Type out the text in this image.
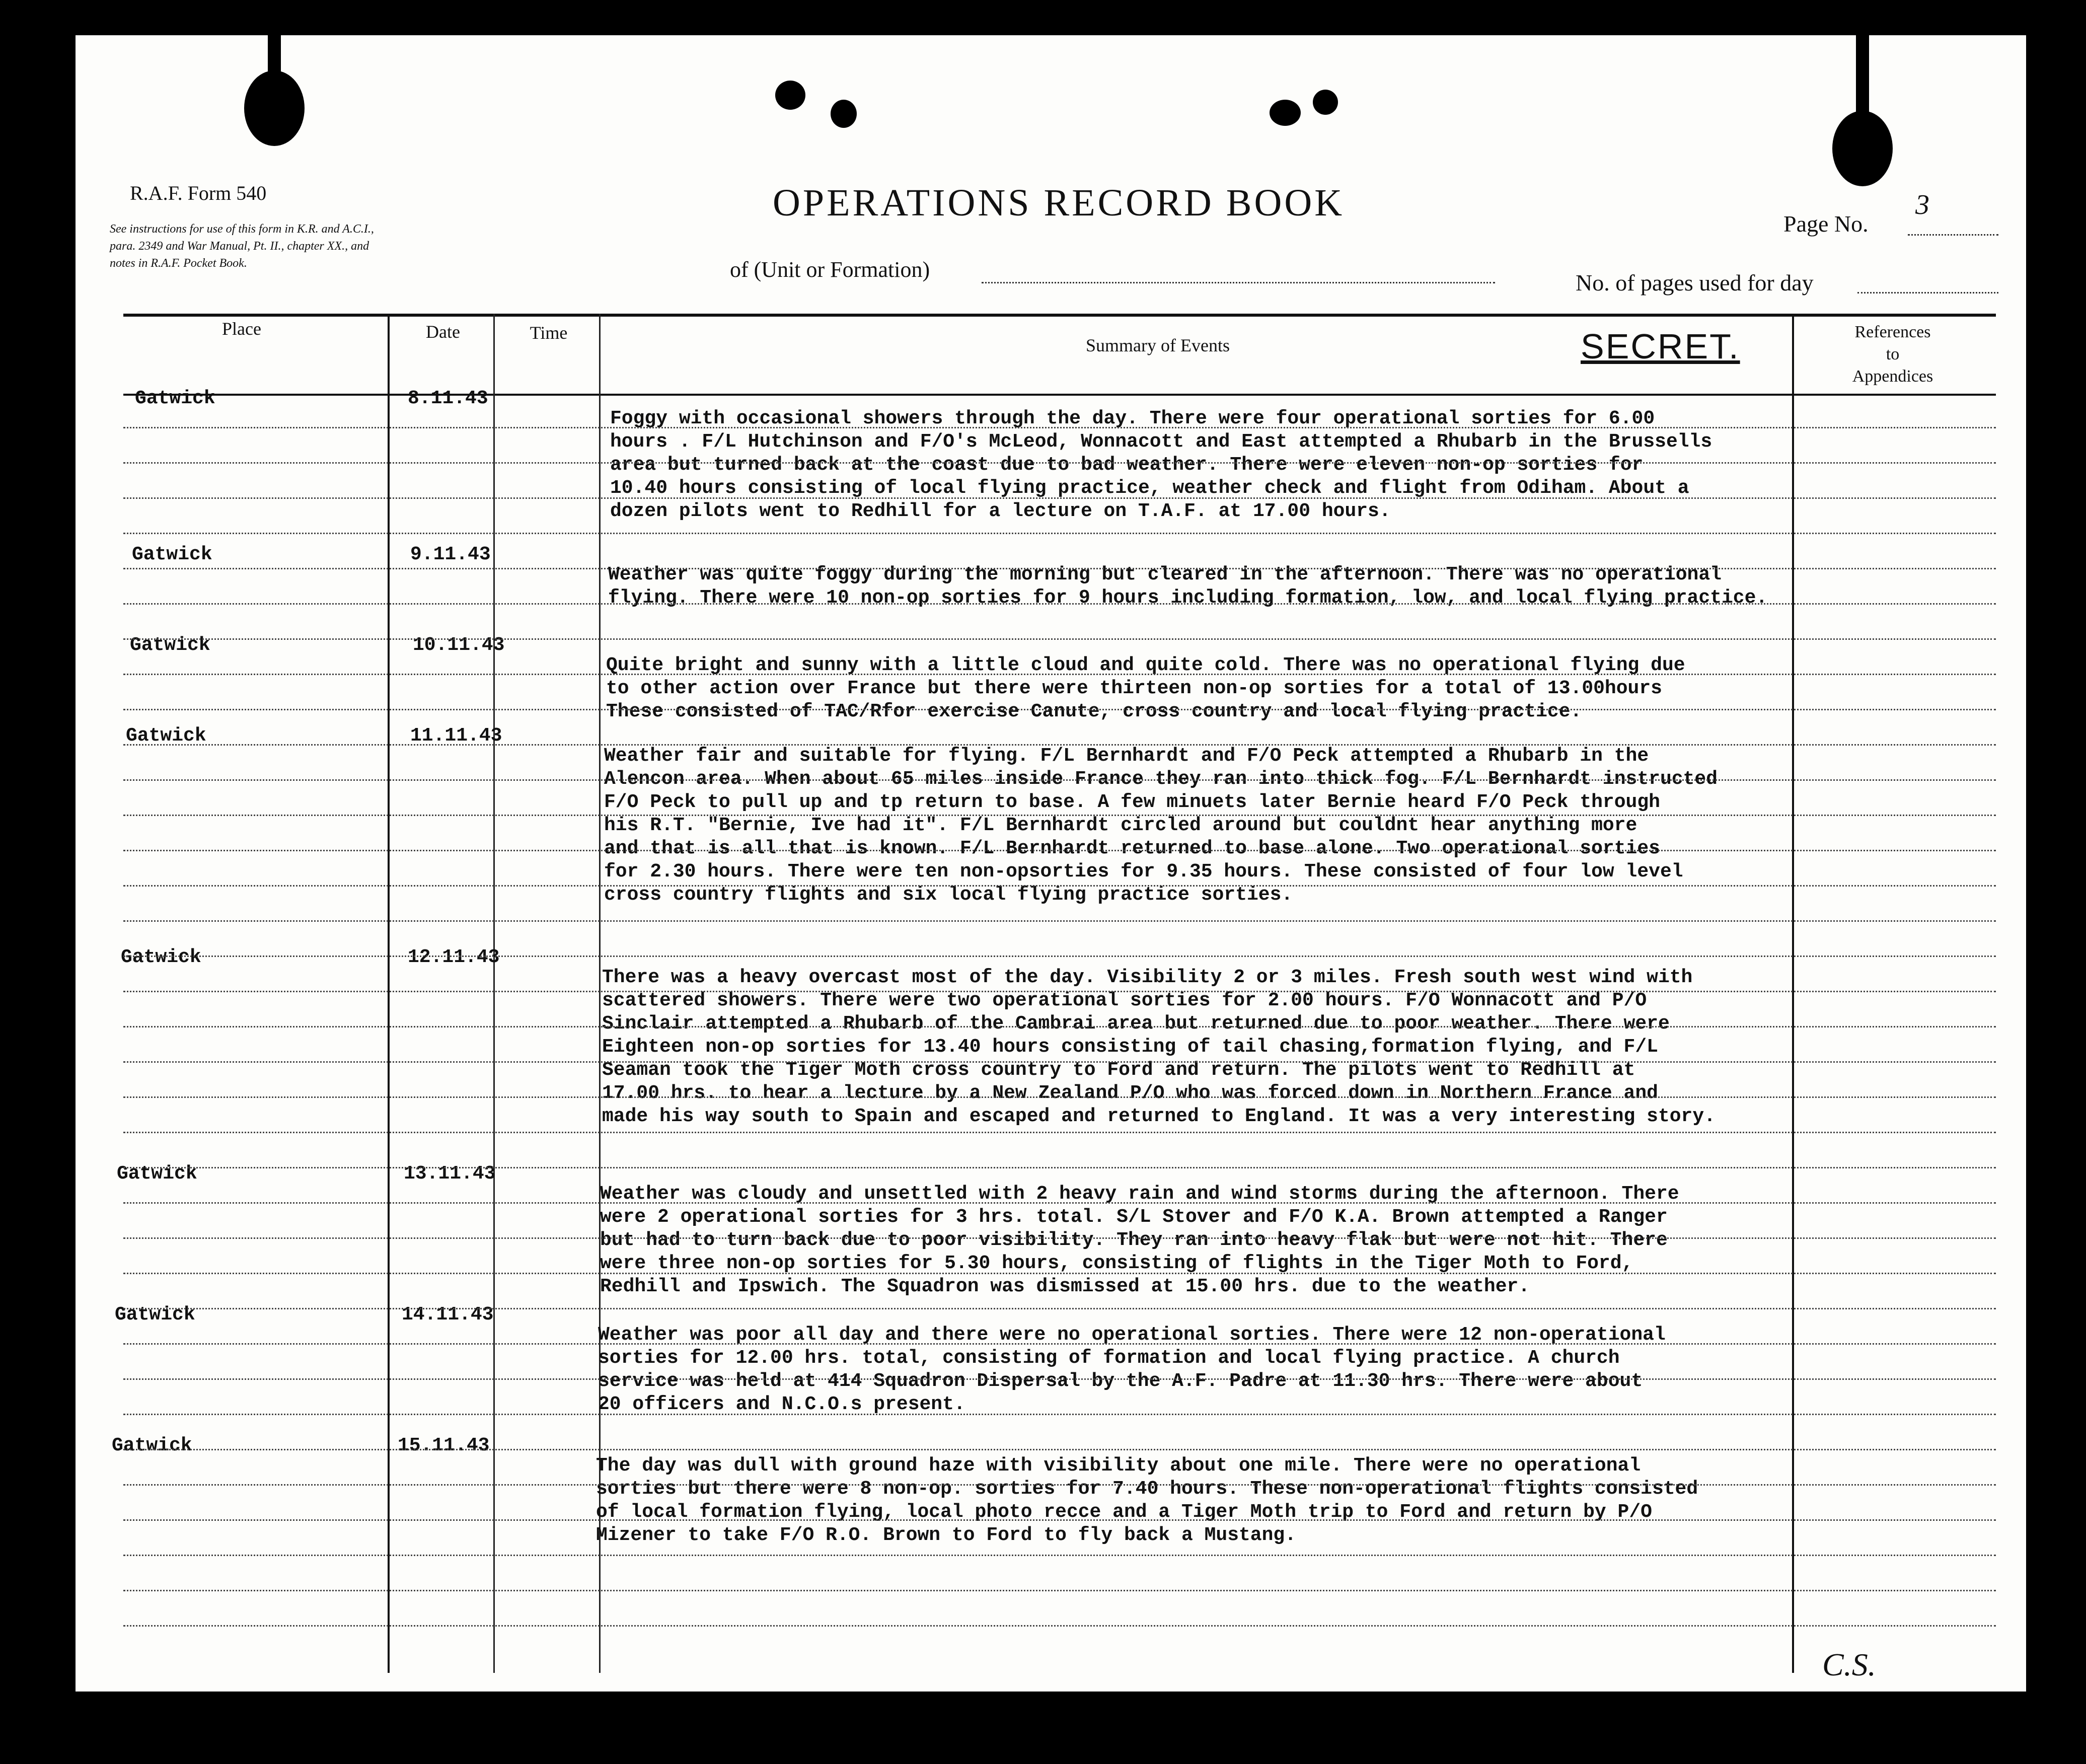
R.A.F. Form 540
See instructions for use of this form in K.R. and A.C.I.,
para. 2349 and War Manual, Pt. II., chapter XX., and
notes in R.A.F. Pocket Book.
OPERATIONS RECORD BOOK
of (Unit or Formation)
Page No.
3
No. of pages used for day
Place	Date	Time
Summary of Events
References
to
Appendices
SECRET.
Gatwick	8.11.43
Foggy with occasional showers through the day. There were four operational sorties for 6.00
hours . F/L Hutchinson and F/O's McLeod, Wonnacott and East attempted a Rhubarb in the Brussells
area but turned back at the coast due to bad weather. There were eleven non-op sorties for
10.40 hours consisting of local flying practice, weather check and flight from Odiham. About a
dozen pilots went to Redhill for a lecture on T.A.F. at 17.00 hours.
Gatwick	9.11.43
Weather was quite foggy during the morning but cleared in the afternoon. There was no operational
flying. There were 10 non-op sorties for 9 hours including formation, low, and local flying practice.
Gatwick	10.11.43
Quite bright and sunny with a little cloud and quite cold. There was no operational flying due
to other action over France but there were thirteen non-op sorties for a total of 13.00hours
These consisted of TAC/Rfor exercise Canute, cross country and local flying practice.
Gatwick	11.11.43
Weather fair and suitable for flying. F/L Bernhardt and F/O Peck attempted a Rhubarb in the
Alencon area. When about 65 miles inside France they ran into thick fog. F/L Bernhardt instructed
F/O Peck to pull up and tp return to base. A few minuets later Bernie heard F/O Peck through
his R.T. "Bernie, Ive had it". F/L Bernhardt circled around but couldnt hear anything more
and that is all that is known. F/L Bernhardt returned to base alone. Two operational sorties
for 2.30 hours. There were ten non-opsorties for 9.35 hours. These consisted of four low level
cross country flights and six local flying practice sorties.
Gatwick	12.11.43
There was a heavy overcast most of the day. Visibility 2 or 3 miles. Fresh south west wind with
scattered showers. There were two operational sorties for 2.00 hours. F/O Wonnacott and P/O
Sinclair attempted a Rhubarb of the Cambrai area but returned due to poor weather. There were
Eighteen non-op sorties for 13.40 hours consisting of tail chasing,formation flying, and F/L
Seaman took the Tiger Moth cross country to Ford and return. The pilots went to Redhill at
17.00 hrs. to hear a lecture by a New Zealand P/O who was forced down in Northern France and
made his way south to Spain and escaped and returned to England. It was a very interesting story.
Gatwick	13.11.43
Weather was cloudy and unsettled with 2 heavy rain and wind storms during the afternoon. There
were 2 operational sorties for 3 hrs. total. S/L Stover and F/O K.A. Brown attempted a Ranger
but had to turn back due to poor visibility. They ran into heavy flak but were not hit. There
were three non-op sorties for 5.30 hours, consisting of flights in the Tiger Moth to Ford,
Redhill and Ipswich. The Squadron was dismissed at 15.00 hrs. due to the weather.
Gatwick	14.11.43
Weather was poor all day and there were no operational sorties. There were 12 non-operational
sorties for 12.00 hrs. total, consisting of formation and local flying practice. A church
service was held at 414 Squadron Dispersal by the A.F. Padre at 11.30 hrs. There were about
20 officers and N.C.O.s present.
Gatwick	15.11.43
The day was dull with ground haze with visibility about one mile. There were no operational
sorties but there were 8 non-op. sorties for 7.40 hours. These non-operational flights consisted
of local formation flying, local photo recce and a Tiger Moth trip to Ford and return by P/O
Mizener to take F/O R.O. Brown to Ford to fly back a Mustang.
C.S.
